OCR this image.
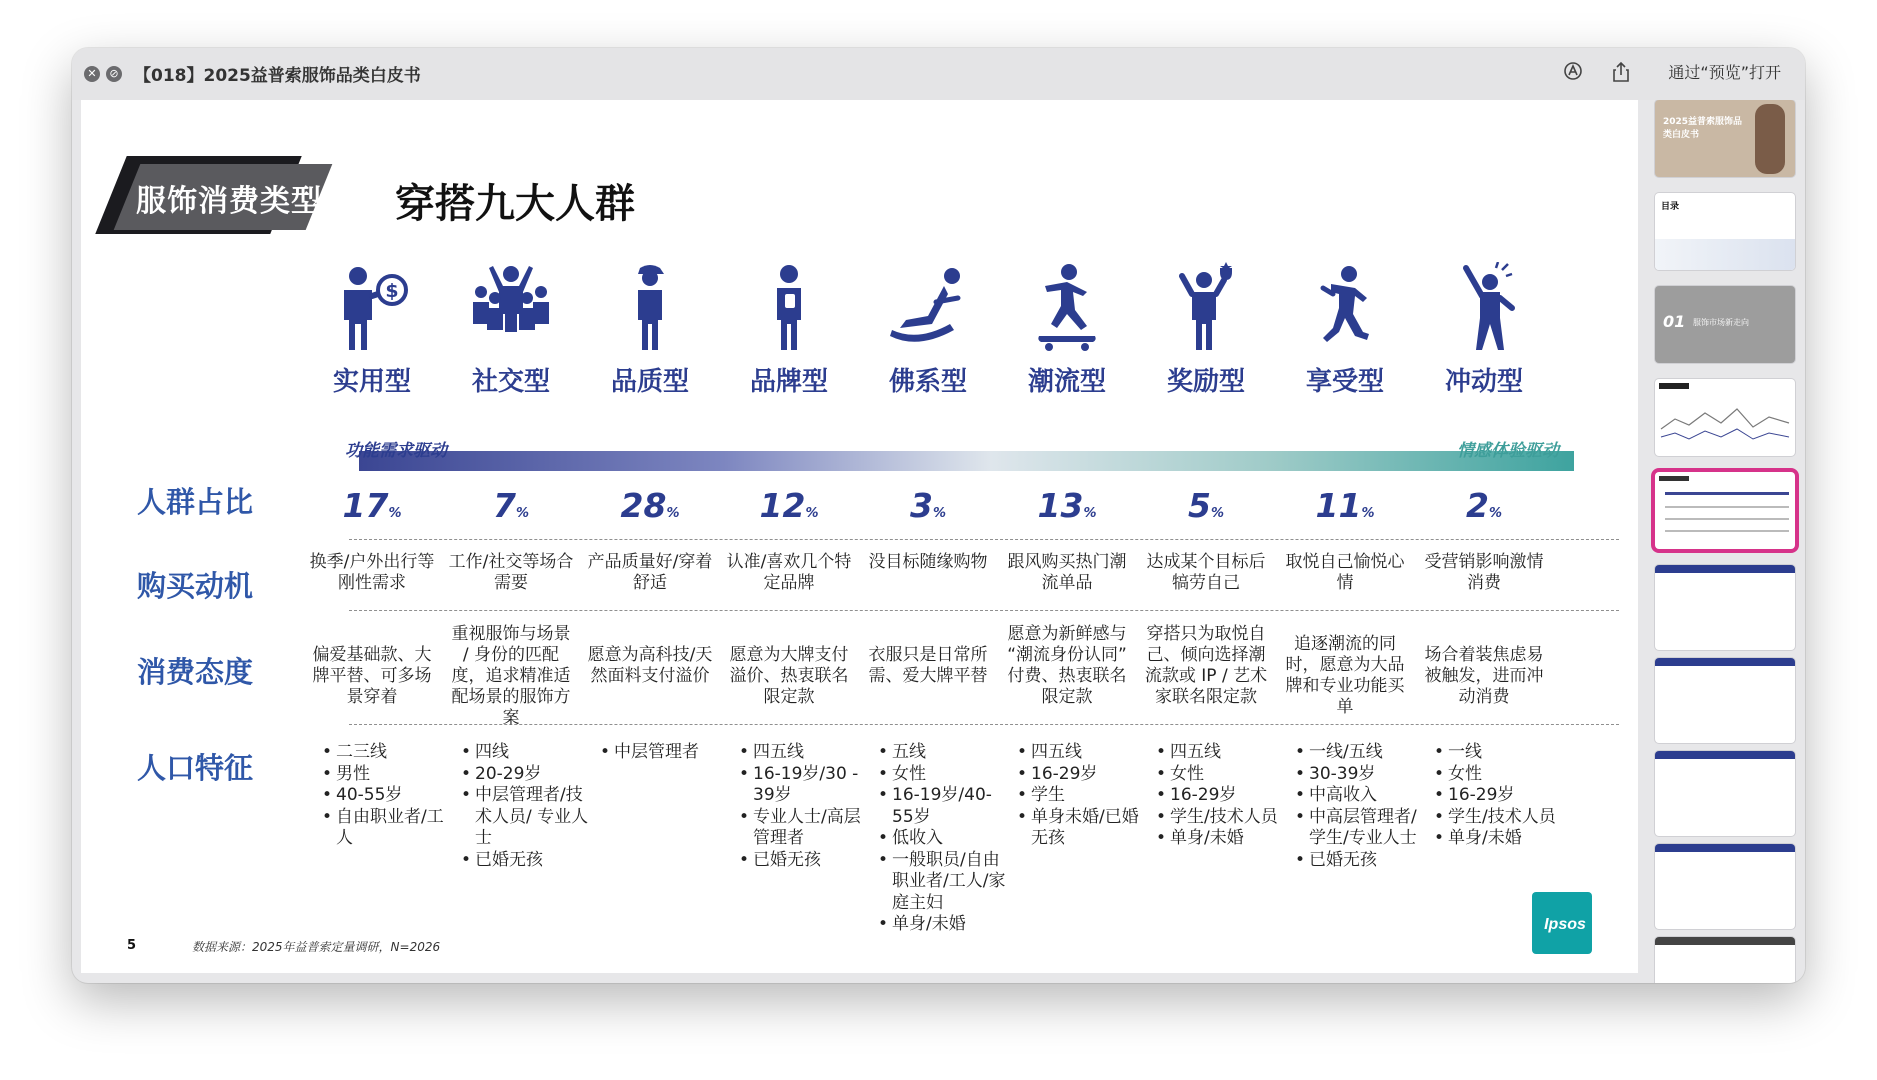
✕	⊘ 【018】2025益普索服饰品类白皮书	通过“预览”打开
服饰消费类型 穿搭九大人群
$
实用型	社交型	品质型	品牌型	佛系型	潮流型	奖励型	享受型	冲动型
功能需求驱动	情感体验驱动
人群占比
购买动机
消费态度
人口特征
17%	7%	28%	12%	3%	13%	5%	11%	2%
换季/户外出行等刚性需求
工作/社交等场合需要
产品质量好/穿着舒适
认准/喜欢几个特定品牌
没目标随缘购物	跟风购买热门潮流单品
达成某个目标后犒劳自己
取悦自己愉悦心情
受营销影响激情消费
偏爱基础款、大牌平替、可多场景穿着
重视服饰与场景 / 身份的匹配度，追求精准适配场景的服饰方案
愿意为高科技/天然面料支付溢价
愿意为大牌支付溢价、热衷联名限定款
衣服只是日常所需、爱大牌平替
愿意为新鲜感与 “潮流身份认同” 付费、热衷联名限定款
穿搭只为取悦自己、倾向选择潮流款或 IP / 艺术家联名限定款
追逐潮流的同时，愿意为大品牌和专业功能买单
场合着装焦虑易被触发，进而冲动消费
• 二三线
• 男性
• 40-55岁
• 自由职业者/工人
• 四线
• 20-29岁
• 中层管理者/技术人员/ 专业人士
• 已婚无孩
• 中层管理者
•	四五线
• 16-19岁/30 - 39岁
• 专业人士/高层管理者
• 已婚无孩
• 五线
• 女性
• 16-19岁/40-55岁
• 低收入
• 一般职员/自由职业者/工人/家庭主妇
• 单身/未婚
• 四五线
• 16-29岁
• 学生
• 单身未婚/已婚无孩
• 四五线
• 女性
• 16-29岁
• 学生/技术人员
• 单身/未婚
• 一线/五线
• 30-39岁
• 中高收入
• 中高层管理者/学生/专业人士
• 已婚无孩
• 一线
• 女性
• 16-29岁
• 学生/技术人员
• 单身/未婚
5	数据来源：2025年益普索定量调研，N=2026
Ipsos
2025益普索服饰品类白皮书
目录
01 服饰市场新走向
17%
7%
28%
12%
3%
